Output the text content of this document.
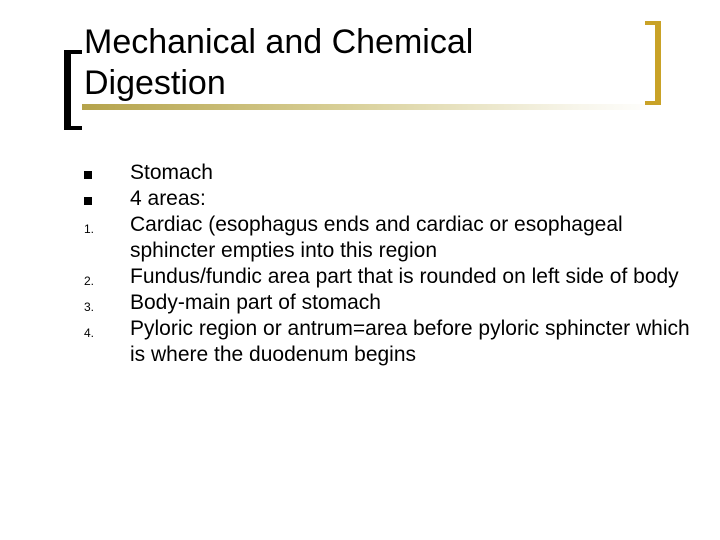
Mechanical and Chemical
Digestion
Stomach
4 areas:
1.	Cardiac (esophagus ends and cardiac or esophageal sphincter empties into this region
2.	Fundus/fundic area part that is rounded on left side of body
3.	Body-main part of stomach
4.	Pyloric region or antrum=area before pyloric sphincter which is where the duodenum begins
